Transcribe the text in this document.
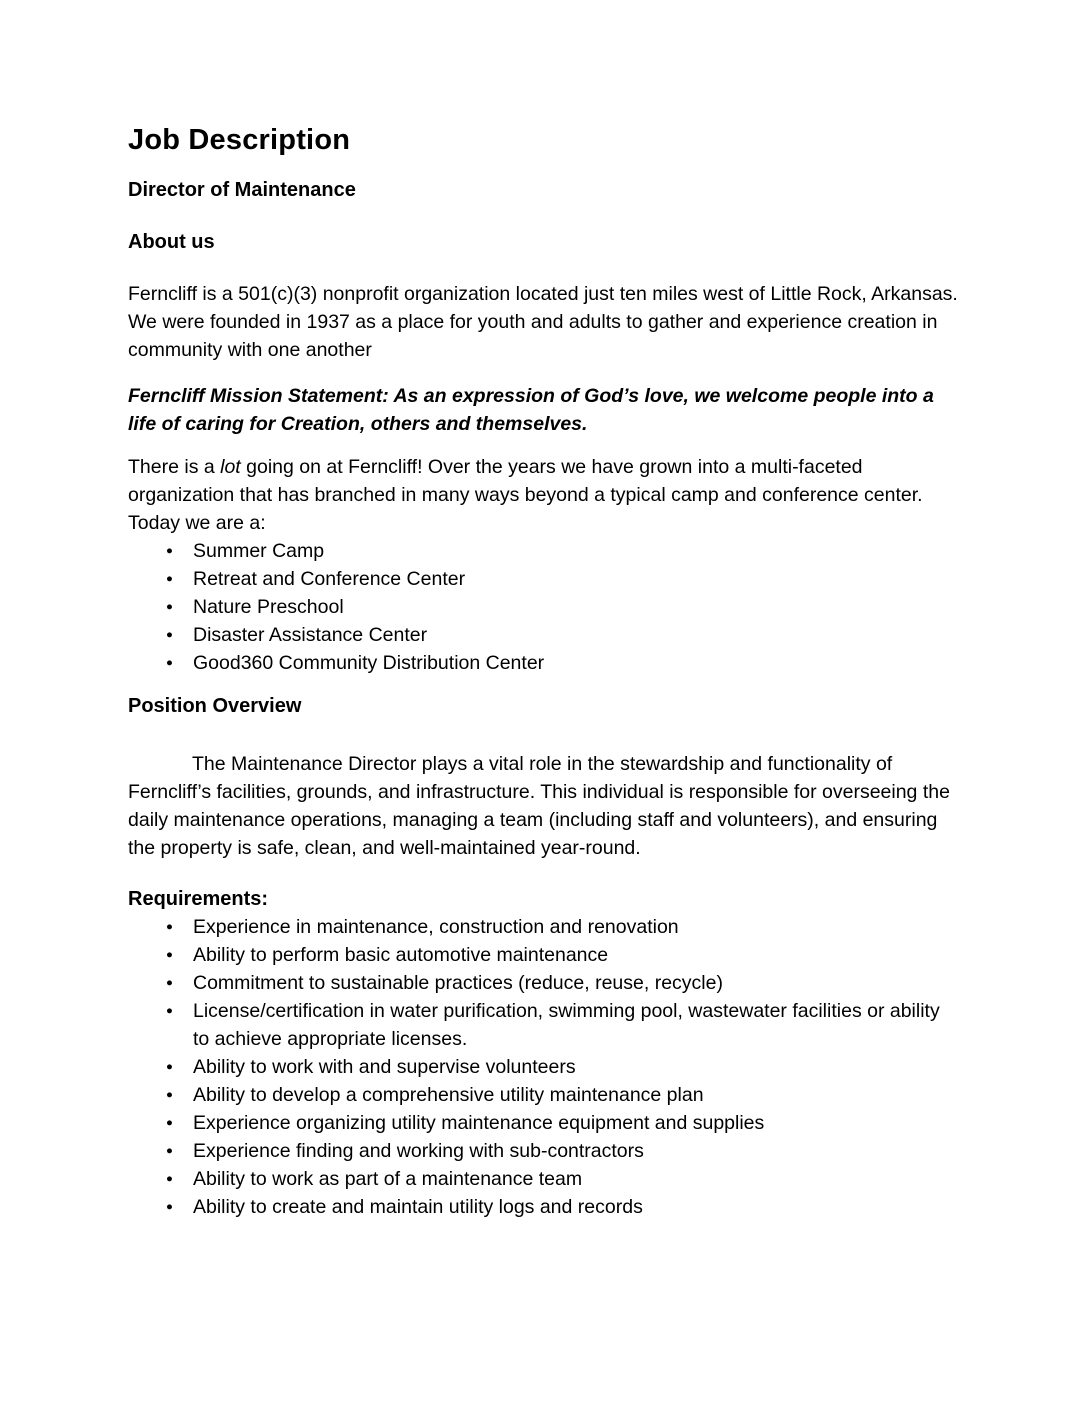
Job Description
Director of Maintenance
About us

Ferncliff is a 501(c)(3) nonprofit organization located just ten miles west of Little Rock, Arkansas. We were founded in 1937 as a place for youth and adults to gather and experience creation in community with one another

Ferncliff Mission Statement: As an expression of God’s love, we welcome people into a life of caring for Creation, others and themselves.

There is a lot going on at Ferncliff! Over the years we have grown into a multi-faceted organization that has branched in many ways beyond a typical camp and conference center. Today we are a:

● Summer Camp
● Retreat and Conference Center
● Nature Preschool
● Disaster Assistance Center
● Good360 Community Distribution Center
Position Overview

The Maintenance Director plays a vital role in the stewardship and functionality of Ferncliff’s facilities, grounds, and infrastructure. This individual is responsible for overseeing the daily maintenance operations, managing a team (including staff and volunteers), and ensuring the property is safe, clean, and well-maintained year-round.

Requirements:
● Experience in maintenance, construction and renovation
● Ability to perform basic automotive maintenance
● Commitment to sustainable practices (reduce, reuse, recycle)
● License/certification in water purification, swimming pool, wastewater facilities or ability to achieve appropriate licenses.
● Ability to work with and supervise volunteers
● Ability to develop a comprehensive utility maintenance plan
● Experience organizing utility maintenance equipment and supplies
● Experience finding and working with sub-contractors
● Ability to work as part of a maintenance team
● Ability to create and maintain utility logs and records
